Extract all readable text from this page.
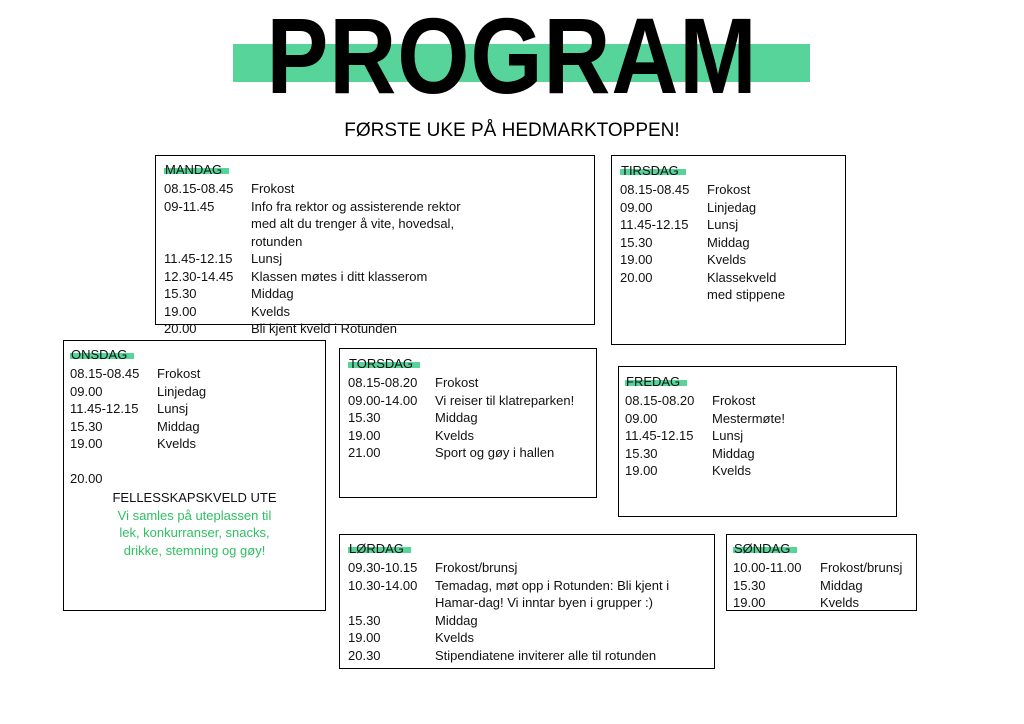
PROGRAM
FØRSTE UKE PÅ HEDMARKTOPPEN!
MANDAG
08.15-08.45	Frokost
09-11.45	Info fra rektor og assisterende rektor med alt du trenger å vite, hovedsal, rotunden
11.45-12.15	Lunsj
12.30-14.45	Klassen møtes i ditt klasserom
15.30	Middag
19.00	Kvelds
20.00	Bli kjent kveld i Rotunden
TIRSDAG
08.15-08.45	Frokost
09.00	Linjedag
11.45-12.15	Lunsj
15.30	Middag
19.00	Kvelds
20.00	Klassekveld med stippene
ONSDAG
08.15-08.45	Frokost
09.00	Linjedag
11.45-12.15	Lunsj
15.30	Middag
19.00	Kvelds
20.00
FELLESSKAPSKVELD UTE
Vi samles på uteplassen til lek, konkurranser, snacks, drikke, stemning og gøy!
TORSDAG
08.15-08.20	Frokost
09.00-14.00	Vi reiser til klatreparken!
15.30	Middag
19.00	Kvelds
21.00	Sport og gøy i hallen
FREDAG
08.15-08.20	Frokost
09.00	Mestermøte!
11.45-12.15	Lunsj
15.30	Middag
19.00	Kvelds
LØRDAG
09.30-10.15	Frokost/brunsj
10.30-14.00	Temadag, møt opp i Rotunden: Bli kjent i Hamar-dag! Vi inntar byen i grupper :)
15.30	Middag
19.00	Kvelds
20.30	Stipendiatene inviterer alle til rotunden
SØNDAG
10.00-11.00	Frokost/brunsj
15.30	Middag
19.00	Kvelds
